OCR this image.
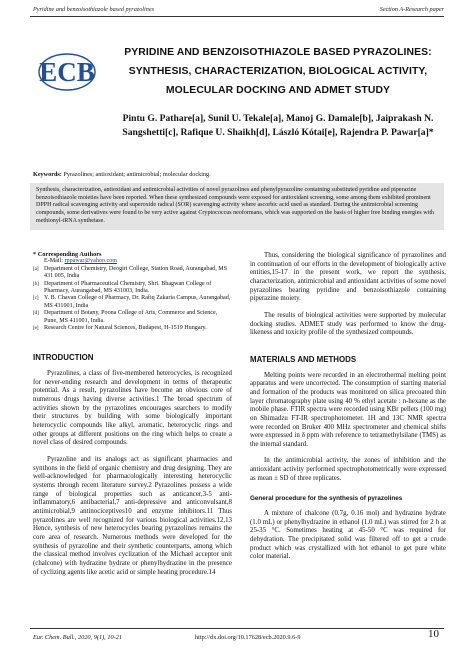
Pyridine and benzoisothiazole based pyrazolines	Section A-Research paper
ECB
PYRIDINE AND BENZOISOTHIAZOLE BASED PYRAZOLINES:
SYNTHESIS, CHARACTERIZATION, BIOLOGICAL ACTIVITY,
MOLECULAR DOCKING AND ADMET STUDY
Pintu G. Pathare[a], Sunil U. Tekale[a], Manoj G. Damale[b], Jaiprakash N.
Sangshetti[c], Rafique U. Shaikh[d], László Kótai[e], Rajendra P. Pawar[a]*
Keywords: Pyrazolines; antioxidant; antimicrobial; molecular docking.
Synthesis, characterization, antioxidant and antimicrobial activities of novel pyrazolines and phenylpyrazoline containing substituted pyridine and piperazine benzoisothiazole moieties have been reported. When these synthesized compounds were exposed for antioxidant screening, some among them exhibited prominent DPPH radical scavenging activity and superoxide radical (SOR) scavenging activity where ascorbic acid used as standard. During the antimicrobial screening compounds, some derivatives were found to be very active against Cryptococcus neoformans, which was supported on the basis of higher free binding energies with methionyl-tRNA synthetase.
* Corresponding Authors
E-Mail: rppawar@yahoo.com
[a] Department of Chemistry, Deogiri College, Station Road, Aurangabad, MS 431 005, India
[b] Department of Pharmaceutical Chemistry, Shri. Bhagwan College of Pharmacy, Aurangabad, MS 431003, India.
[c] Y. B. Chavan College of Pharmacy, Dr. Rafiq Zakaria Campus, Aurangabad, MS 431001, India
[d] Department of Botany, Poona College of Arts, Commerce and Science, Pune, MS 411001, India.
[e] Research Centre for Natural Sciences, Budapest, H-1519 Hungary.
INTRODUCTION

Pyrazolines, a class of five-membered heterocycles, is recognized for never-ending research and development in terms of therapeutic potential. As a result, pyrazolines have become an obvious core of numerous drugs having diverse activities.1 The broad spectrum of activities shown by the pyrazolines encourages searchers to modify their structures by building with some biologically important heterocyclic compounds like alkyl, aromatic, heterocyclic rings and other groups at different positions on the ring which helps to create a novel class of desired compounds.

Pyrazoline and its analogs act as significant pharmacies and synthons in the field of organic chemistry and drug designing. They are well-acknowledged for pharmacologically interesting heterocyclic systems through recent literature survey.2 Pyrazolines possess a wide range of biological properties such as anticancer,3-5 anti-inflammatory,6 antibacterial,7 anti-depressive and anticonvulsant,8 antimicrobial,9 antinociceptives10 and enzyme inhibitors.11 Thus pyrazolines are well recognized for various biological activities.12,13 Hence, synthesis of new heterocycles bearing pyrazolines remains the core area of research. Numerous methods were developed for the synthesis of pyrazoline and their synthetic counterparts, among which the classical method involves cyclization of the Michael acceptor unit (chalcone) with hydrazine hydrate or phenylhydrazine in the presence of cyclizing agents like acetic acid or simple heating procedure.14

Thus, considering the biological significance of pyrazolines and in continuation of our efforts in the development of biologically active entities,15-17 in the present work, we report the synthesis, characterization, antimicrobial and antioxidant activities of some novel pyrazolines bearing pyridine and benzoisothiazole containing piperazine moiety.

The results of biological activities were supported by molecular docking studies. ADMET study was performed to know the drug-likeness and toxicity profile of the synthesized compounds.

MATERIALS AND METHODS

Melting points were recorded in an electrothermal melting point apparatus and were uncorrected. The consumption of starting material and formation of the products was monitored on silica precoated thin layer chromatography plate using 40 % ethyl acetate : n-hexane as the mobile phase. FTIR spectra were recorded using KBr pellets (100 mg) on Shimadzu FT-IR spectrophotometer. 1H and 13C NMR spectra were recorded on Bruker 400 MHz spectrometer and chemical shifts were expressed in δ ppm with reference to tetramethylsilane (TMS) as the internal standard.

In the antimicrobial activity, the zones of inhibition and the antioxidant activity performed spectrophotometrically were expressed as mean ± SD of three replicates.

General procedure for the synthesis of pyrazolines

A mixture of chalcone (0.7g, 0.16 mol) and hydrazine hydrate (1.0 mL) or phenylhydrazine in ethanol (1.0 mL) was stirred for 2 h at 25-35 °C. Sometimes heating at 45-50 °C was required for dehydration. The precipitated solid was filtered off to get a crude product which was crystallized with hot ethanol to get pure white color material.

Eur. Chem. Bull., 2020, 9(1), 10-21	http://dx.doi.org/10.17628/ecb.2020.9.6-9	10
